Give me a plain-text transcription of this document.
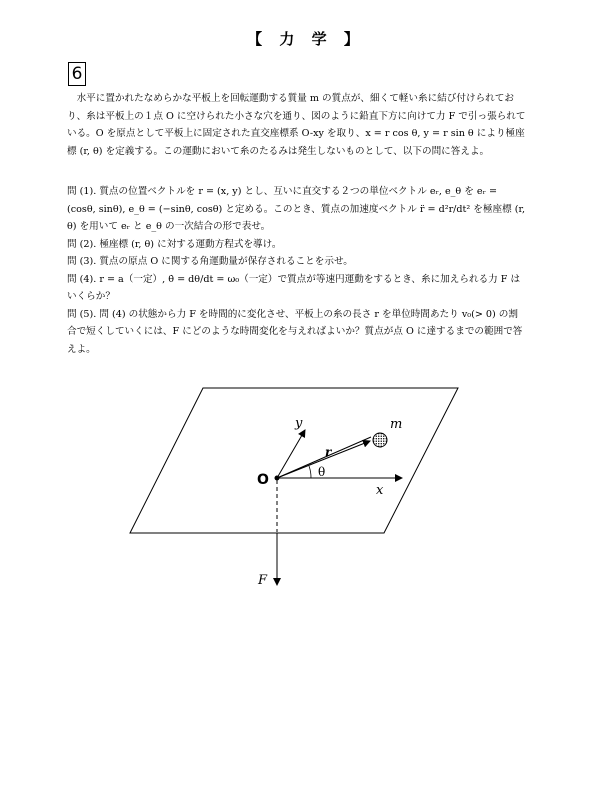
【 力 学 】
6

水平に置かれたなめらかな平板上を回転運動する質量 m の質点が、細くて軽い糸に結び付けられており、糸は平板上の１点 O に空けられた小さな穴を通り、図のように鉛直下方に向けて力 F で引っ張られている。O を原点として平板上に固定された直交座標系 O-xy を取り、x = r cos θ, y = r sin θ により極座標 (r, θ) を定義する。この運動において糸のたるみは発生しないものとして、以下の問に答えよ。

問 (1). 質点の位置ベクトルを r = (x, y) とし、互いに直交する２つの単位ベクトル eᵣ, e_θ を eᵣ = (cosθ, sinθ), e_θ = (−sinθ, cosθ) と定める。このとき、質点の加速度ベクトル r̈ = d²r/dt² を極座標 (r, θ) を用いて eᵣ と e_θ の一次結合の形で表せ。
問 (2). 極座標 (r, θ) に対する運動方程式を導け。
問 (3). 質点の原点 O に関する角運動量が保存されることを示せ。
問 (4). r = a（一定）, θ̇ = dθ/dt = ω₀（一定）で質点が等速円運動をするとき、糸に加えられる力 F はいくらか？
問 (5). 問 (4) の状態から力 F を時間的に変化させ、平板上の糸の長さ r を単位時間あたり v₀(> 0) の割合で短くしていくには、F にどのような時間変化を与えればよいか？質点が点 O に達するまでの範囲で答えよ。
y	m
r
θ
x
O
F
